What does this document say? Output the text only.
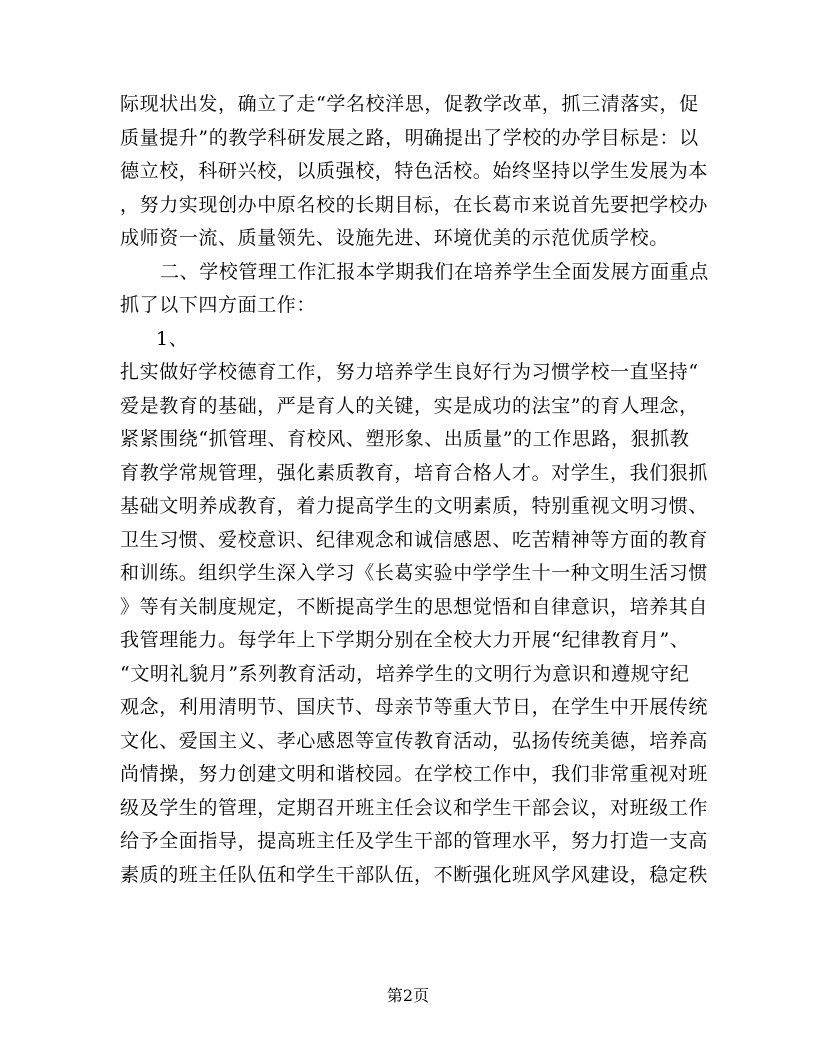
际现状出发，确立了走“学名校洋思，促教学改革，抓三清落实，促
质量提升”的教学科研发展之路，明确提出了学校的办学目标是：以
德立校，科研兴校，以质强校，特色活校。始终坚持以学生发展为本
，努力实现创办中原名校的长期目标，在长葛市来说首先要把学校办
成师资一流、质量领先、设施先进、环境优美的示范优质学校。
二、学校管理工作汇报本学期我们在培养学生全面发展方面重点
抓了以下四方面工作：
1、
扎实做好学校德育工作，努力培养学生良好行为习惯学校一直坚持“
爱是教育的基础，严是育人的关键，实是成功的法宝”的育人理念，
紧紧围绕“抓管理、育校风、塑形象、出质量”的工作思路，狠抓教
育教学常规管理，强化素质教育，培育合格人才。对学生，我们狠抓
基础文明养成教育，着力提高学生的文明素质，特别重视文明习惯、
卫生习惯、爱校意识、纪律观念和诚信感恩、吃苦精神等方面的教育
和训练。组织学生深入学习《长葛实验中学学生十一种文明生活习惯
》等有关制度规定，不断提高学生的思想觉悟和自律意识，培养其自
我管理能力。每学年上下学期分别在全校大力开展“纪律教育月”、
“文明礼貌月”系列教育活动，培养学生的文明行为意识和遵规守纪
观念，利用清明节、国庆节、母亲节等重大节日，在学生中开展传统
文化、爱国主义、孝心感恩等宣传教育活动，弘扬传统美德，培养高
尚情操，努力创建文明和谐校园。在学校工作中，我们非常重视对班
级及学生的管理，定期召开班主任会议和学生干部会议，对班级工作
给予全面指导，提高班主任及学生干部的管理水平，努力打造一支高
素质的班主任队伍和学生干部队伍，不断强化班风学风建设，稳定秩
第2页
